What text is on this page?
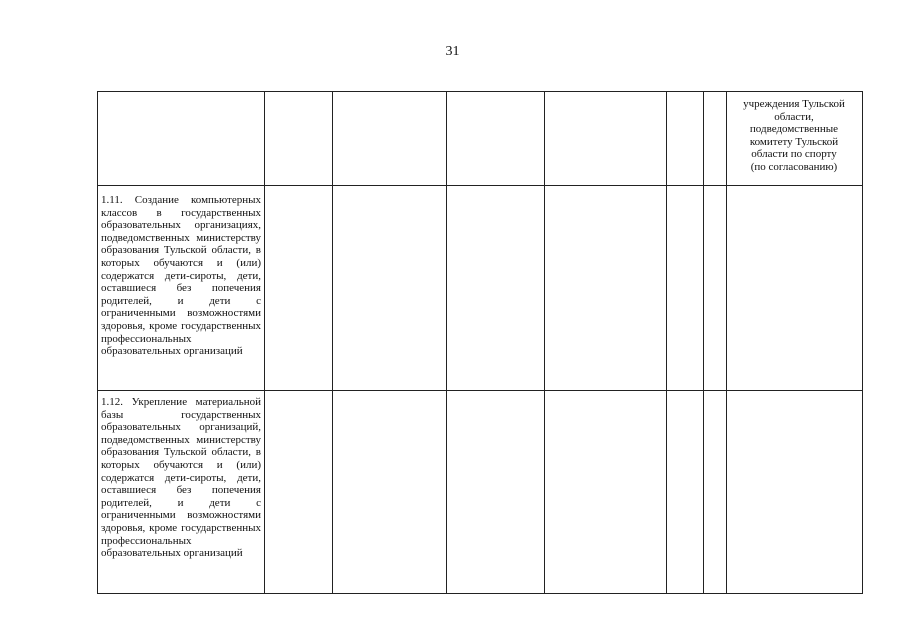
31
учреждения Тульской
области,
подведомственные
комитету Тульской
области по спорту
(по согласованию)
1.11. Создание компьютерных классов в государственных образовательных организациях, подведомственных министерству образования Тульской области, в которых обучаются и (или) содержатся дети-сироты, дети, оставшиеся без попечения родителей, и дети с ограниченными возможностями здоровья, кроме государственных профессиональных образовательных организаций
1.12. Укрепление материальной базы государственных образовательных организаций, подведомственных министерству образования Тульской области, в которых обучаются и (или) содержатся дети-сироты, дети, оставшиеся без попечения родителей, и дети с ограниченными возможностями здоровья, кроме государственных профессиональных образовательных организаций
